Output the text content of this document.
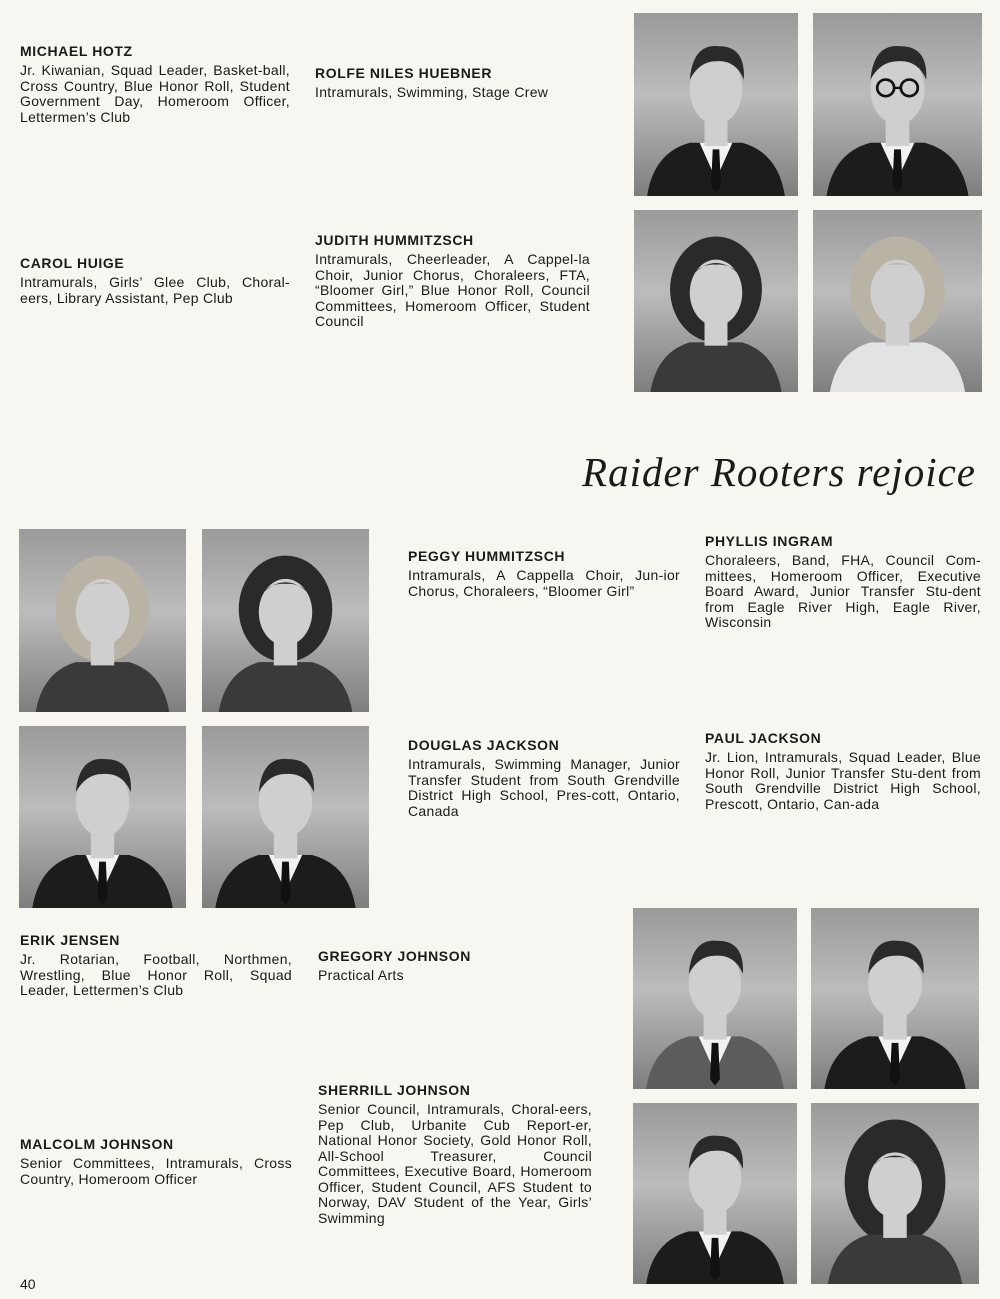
MICHAEL HOTZ
Jr. Kiwanian, Squad Leader, Basket-ball, Cross Country, Blue Honor Roll, Student Government Day, Homeroom Officer, Lettermen’s Club
ROLFE NILES HUEBNER
Intramurals, Swimming, Stage Crew
CAROL HUIGE
Intramurals, Girls’ Glee Club, Choral-eers, Library Assistant, Pep Club
JUDITH HUMMITZSCH
Intramurals, Cheerleader, A Cappel-la Choir, Junior Chorus, Choraleers, FTA, “Bloomer Girl,” Blue Honor Roll, Council Committees, Homeroom Officer, Student Council
Raider Rooters rejoice
PEGGY HUMMITZSCH
Intramurals, A Cappella Choir, Jun-ior Chorus, Choraleers, “Bloomer Girl”
PHYLLIS INGRAM
Choraleers, Band, FHA, Council Com-mittees, Homeroom Officer, Executive Board Award, Junior Transfer Stu-dent from Eagle River High, Eagle River, Wisconsin
DOUGLAS JACKSON
Intramurals, Swimming Manager, Junior Transfer Student from South Grendville District High School, Pres-cott, Ontario, Canada
PAUL JACKSON
Jr. Lion, Intramurals, Squad Leader, Blue Honor Roll, Junior Transfer Stu-dent from South Grendville District High School, Prescott, Ontario, Can-ada
ERIK JENSEN
Jr. Rotarian, Football, Northmen, Wrestling, Blue Honor Roll, Squad Leader, Lettermen’s Club
GREGORY JOHNSON
Practical Arts
SHERRILL JOHNSON
Senior Council, Intramurals, Choral-eers, Pep Club, Urbanite Cub Report-er, National Honor Society, Gold Honor Roll, All-School Treasurer, Council Committees, Executive Board, Homeroom Officer, Student Council, AFS Student to Norway, DAV Student of the Year, Girls’ Swimming
MALCOLM JOHNSON
Senior Committees, Intramurals, Cross Country, Homeroom Officer
40
